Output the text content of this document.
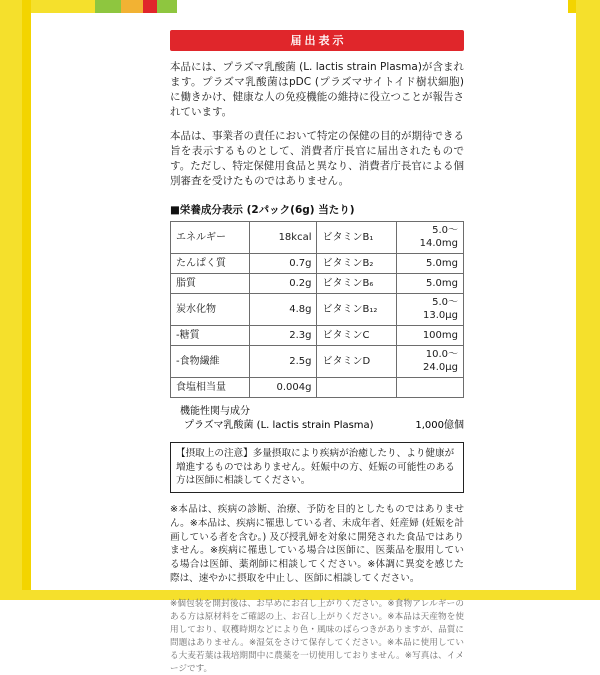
届出表示
本品には、プラズマ乳酸菌 (L. lactis strain Plasma)が含まれます。プラズマ乳酸菌はpDC (プラズマサイトイド樹状細胞) に働きかけ、健康な人の免疫機能の維持に役立つことが報告されています。
本品は、事業者の責任において特定の保健の目的が期待できる旨を表示するものとして、消費者庁長官に届出されたものです。ただし、特定保健用食品と異なり、消費者庁長官による個別審査を受けたものではありません。
■栄養成分表示 (2パック(6g) 当たり)
エネルギー	18kcal	ビタミンB₁	5.0〜14.0mg
たんぱく質	0.7g	ビタミンB₂	5.0mg
脂質	0.2g	ビタミンB₆	5.0mg
炭水化物	4.8g	ビタミンB₁₂	5.0〜13.0µg
-糖質	2.3g	ビタミンC	100mg
-食物繊維	2.5g	ビタミンD	10.0〜24.0µg
食塩相当量	0.004g		
機能性関与成分
プラズマ乳酸菌 (L. lactis strain Plasma)	1,000億個
【摂取上の注意】多量摂取により疾病が治癒したり、より健康が増進するものではありません。妊娠中の方、妊娠の可能性のある方は医師に相談してください。
※本品は、疾病の診断、治療、予防を目的としたものではありません。※本品は、疾病に罹患している者、未成年者、妊産婦 (妊娠を計画している者を含む。) 及び授乳婦を対象に開発された食品ではありません。※疾病に罹患している場合は医師に、医薬品を服用している場合は医師、薬剤師に相談してください。※体調に異変を感じた際は、速やかに摂取を中止し、医師に相談してください。
※個包装を開封後は、お早めにお召し上がりください。※食物アレルギーのある方は原材料をご確認の上、お召し上がりください。※本品は天産物を使用しており、収穫時期などにより色・風味のばらつきがありますが、品質に問題はありません。※湿気をさけて保存してください。※本品に使用している大麦若葉は栽培期間中に農薬を一切使用しておりません。※写真は、イメージです。
